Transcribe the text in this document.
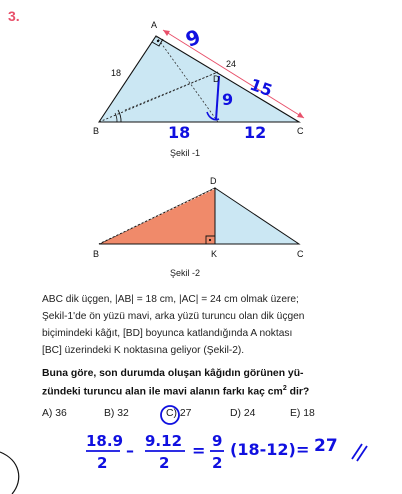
3.
A
B	C
D
18
24
Şekil -1
D
B	K	C
Şekil -2
9
15
9
18	12

ABC dik üçgen, |AB| = 18 cm, |AC| = 24 cm olmak üzere;

Şekil-1'de ön yüzü mavi, arka yüzü turuncu olan dik üçgen

biçimindeki kâğıt, [BD] boyunca katlandığında A noktası

[BC] üzerindeki K noktasına geliyor (Şekil-2).

Buna göre, son durumda oluşan kâğıdın görünen yü-
zündeki turuncu alan ile mavi alanın farkı kaç $cm^2$ dir?
A) 36	B) 32	C) 27	D) 24	E) 18
18.9
2
– 9.12
2
= 9
2
(18-12) = 27
